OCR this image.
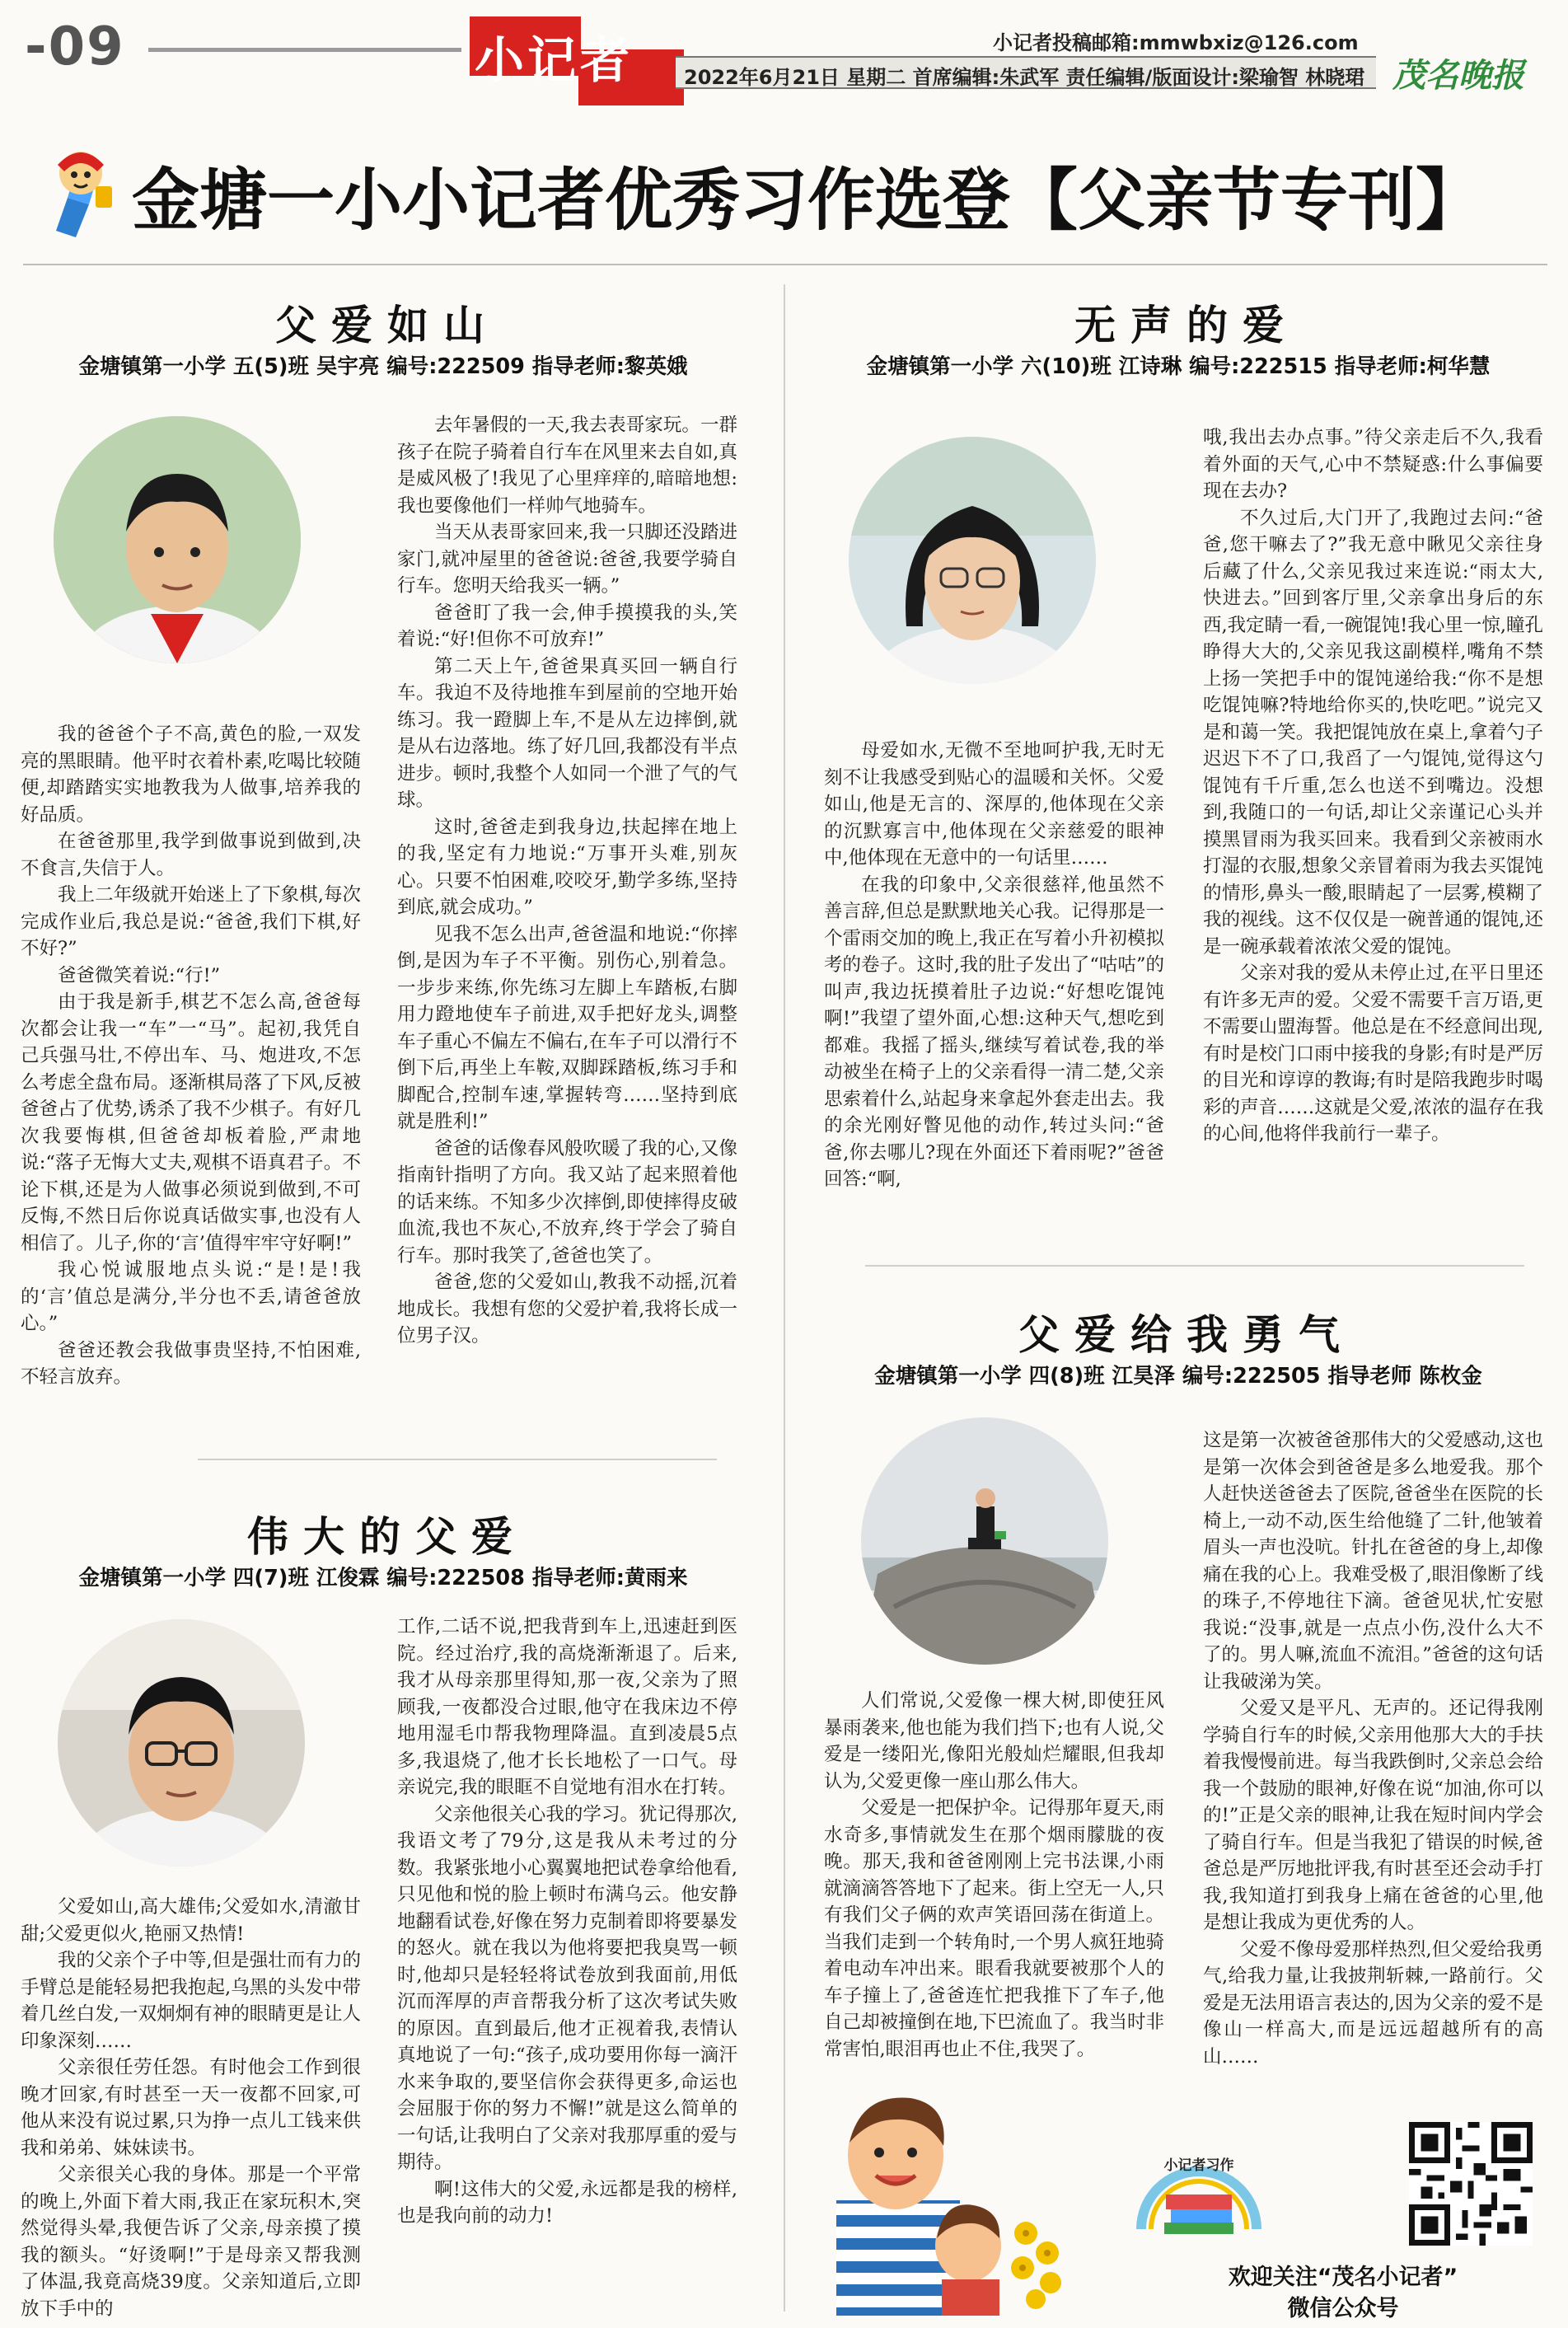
-09	小记者	小记者投稿邮箱:mmwbxiz@126.com
2022年6月21日 星期二 首席编辑:朱武军 责任编辑/版面设计:梁瑜智 林晓珺 茂名晚报
金塘一小小记者优秀习作选登【父亲节专刊】
父爱如山
金塘镇第一小学 五(5)班 吴宇亮 编号:222509 指导老师:黎英娥
我的爸爸个子不高,黄色的脸,一双发亮的黑眼睛。他平时衣着朴素,吃喝比较随便,却踏踏实实地教我为人做事,培养我的好品质。
在爸爸那里,我学到做事说到做到,决不食言,失信于人。
我上二年级就开始迷上了下象棋,每次完成作业后,我总是说:“爸爸,我们下棋,好不好?”
爸爸微笑着说:“行!”
由于我是新手,棋艺不怎么高,爸爸每次都会让我一“车”一“马”。起初,我凭自己兵强马壮,不停出车、马、炮进攻,不怎么考虑全盘布局。逐渐棋局落了下风,反被爸爸占了优势,诱杀了我不少棋子。有好几次我要悔棋,但爸爸却板着脸,严肃地说:“落子无悔大丈夫,观棋不语真君子。不论下棋,还是为人做事必须说到做到,不可反悔,不然日后你说真话做实事,也没有人相信了。儿子,你的‘言’值得牢牢守好啊!”
我心悦诚服地点头说:“是!是!我的‘言’值总是满分,半分也不丢,请爸爸放心。”
爸爸还教会我做事贵坚持,不怕困难,不轻言放弃。
去年暑假的一天,我去表哥家玩。一群孩子在院子骑着自行车在风里来去自如,真是威风极了!我见了心里痒痒的,暗暗地想:我也要像他们一样帅气地骑车。
当天从表哥家回来,我一只脚还没踏进家门,就冲屋里的爸爸说:爸爸,我要学骑自行车。您明天给我买一辆。”
爸爸盯了我一会,伸手摸摸我的头,笑着说:“好!但你不可放弃!”
第二天上午,爸爸果真买回一辆自行车。我迫不及待地推车到屋前的空地开始练习。我一蹬脚上车,不是从左边摔倒,就是从右边落地。练了好几回,我都没有半点进步。顿时,我整个人如同一个泄了气的气球。
这时,爸爸走到我身边,扶起摔在地上的我,坚定有力地说:“万事开头难,别灰心。只要不怕困难,咬咬牙,勤学多练,坚持到底,就会成功。”
见我不怎么出声,爸爸温和地说:“你摔倒,是因为车子不平衡。别伤心,别着急。一步步来练,你先练习左脚上车踏板,右脚用力蹬地使车子前进,双手把好龙头,调整车子重心不偏左不偏右,在车子可以滑行不倒下后,再坐上车鞍,双脚踩踏板,练习手和脚配合,控制车速,掌握转弯……坚持到底就是胜利!”
爸爸的话像春风般吹暖了我的心,又像指南针指明了方向。我又站了起来照着他的话来练。不知多少次摔倒,即使摔得皮破血流,我也不灰心,不放弃,终于学会了骑自行车。那时我笑了,爸爸也笑了。
爸爸,您的父爱如山,教我不动摇,沉着地成长。我想有您的父爱护着,我将长成一位男子汉。
伟大的父爱
金塘镇第一小学 四(7)班 江俊霖 编号:222508 指导老师:黄雨来
父爱如山,高大雄伟;父爱如水,清澈甘甜;父爱更似火,艳丽又热情!
我的父亲个子中等,但是强壮而有力的手臂总是能轻易把我抱起,乌黑的头发中带着几丝白发,一双炯炯有神的眼睛更是让人印象深刻……
父亲很任劳任怨。有时他会工作到很晚才回家,有时甚至一天一夜都不回家,可他从来没有说过累,只为挣一点儿工钱来供我和弟弟、妹妹读书。
父亲很关心我的身体。那是一个平常的晚上,外面下着大雨,我正在家玩积木,突然觉得头晕,我便告诉了父亲,母亲摸了摸我的额头。“好烫啊!”于是母亲又帮我测了体温,我竟高烧39度。父亲知道后,立即放下手中的
工作,二话不说,把我背到车上,迅速赶到医院。经过治疗,我的高烧渐渐退了。后来,我才从母亲那里得知,那一夜,父亲为了照顾我,一夜都没合过眼,他守在我床边不停地用湿毛巾帮我物理降温。直到凌晨5点多,我退烧了,他才长长地松了一口气。母亲说完,我的眼眶不自觉地有泪水在打转。
父亲他很关心我的学习。犹记得那次,我语文考了79分,这是我从未考过的分数。我紧张地小心翼翼地把试卷拿给他看,只见他和悦的脸上顿时布满乌云。他安静地翻看试卷,好像在努力克制着即将要暴发的怒火。就在我以为他将要把我臭骂一顿时,他却只是轻轻将试卷放到我面前,用低沉而浑厚的声音帮我分析了这次考试失败的原因。直到最后,他才正视着我,表情认真地说了一句:“孩子,成功要用你每一滴汗水来争取的,要坚信你会获得更多,命运也会屈服于你的努力不懈!”就是这么简单的一句话,让我明白了父亲对我那厚重的爱与期待。
啊!这伟大的父爱,永远都是我的榜样,也是我向前的动力!
无声的爱
金塘镇第一小学 六(10)班 江诗琳 编号:222515 指导老师:柯华慧
母爱如水,无微不至地呵护我,无时无刻不让我感受到贴心的温暖和关怀。父爱如山,他是无言的、深厚的,他体现在父亲的沉默寡言中,他体现在父亲慈爱的眼神中,他体现在无意中的一句话里……
在我的印象中,父亲很慈祥,他虽然不善言辞,但总是默默地关心我。记得那是一个雷雨交加的晚上,我正在写着小升初模拟考的卷子。这时,我的肚子发出了“咕咕”的叫声,我边抚摸着肚子边说:“好想吃馄饨啊!”我望了望外面,心想:这种天气,想吃到都难。我摇了摇头,继续写着试卷,我的举动被坐在椅子上的父亲看得一清二楚,父亲思索着什么,站起身来拿起外套走出去。我的余光刚好瞥见他的动作,转过头问:“爸爸,你去哪儿?现在外面还下着雨呢?”爸爸回答:“啊,
哦,我出去办点事。”待父亲走后不久,我看着外面的天气,心中不禁疑惑:什么事偏要现在去办?
不久过后,大门开了,我跑过去问:“爸爸,您干嘛去了?”我无意中瞅见父亲往身后藏了什么,父亲见我过来连说:“雨太大,快进去。”回到客厅里,父亲拿出身后的东西,我定睛一看,一碗馄饨!我心里一惊,瞳孔睁得大大的,父亲见我这副模样,嘴角不禁上扬一笑把手中的馄饨递给我:“你不是想吃馄饨嘛?特地给你买的,快吃吧。”说完又是和蔼一笑。我把馄饨放在桌上,拿着勺子迟迟下不了口,我舀了一勺馄饨,觉得这勺馄饨有千斤重,怎么也送不到嘴边。没想到,我随口的一句话,却让父亲谨记心头并摸黑冒雨为我买回来。我看到父亲被雨水打湿的衣服,想象父亲冒着雨为我去买馄饨的情形,鼻头一酸,眼睛起了一层雾,模糊了我的视线。这不仅仅是一碗普通的馄饨,还是一碗承载着浓浓父爱的馄饨。
父亲对我的爱从未停止过,在平日里还有许多无声的爱。父爱不需要千言万语,更不需要山盟海誓。他总是在不经意间出现,有时是校门口雨中接我的身影;有时是严厉的目光和谆谆的教诲;有时是陪我跑步时喝彩的声音……这就是父爱,浓浓的温存在我的心间,他将伴我前行一辈子。
父爱给我勇气
金塘镇第一小学 四(8)班 江昊泽 编号:222505 指导老师 陈枚金
人们常说,父爱像一棵大树,即使狂风暴雨袭来,他也能为我们挡下;也有人说,父爱是一缕阳光,像阳光般灿烂耀眼,但我却认为,父爱更像一座山那么伟大。
父爱是一把保护伞。记得那年夏天,雨水奇多,事情就发生在那个烟雨朦胧的夜晚。那天,我和爸爸刚刚上完书法课,小雨就滴滴答答地下了起来。街上空无一人,只有我们父子俩的欢声笑语回荡在街道上。当我们走到一个转角时,一个男人疯狂地骑着电动车冲出来。眼看我就要被那个人的车子撞上了,爸爸连忙把我推下了车子,他自己却被撞倒在地,下巴流血了。我当时非常害怕,眼泪再也止不住,我哭了。
这是第一次被爸爸那伟大的父爱感动,这也是第一次体会到爸爸是多么地爱我。那个人赶快送爸爸去了医院,爸爸坐在医院的长椅上,一动不动,医生给他缝了二针,他皱着眉头一声也没吭。针扎在爸爸的身上,却像痛在我的心上。我难受极了,眼泪像断了线的珠子,不停地往下滴。爸爸见状,忙安慰我说:“没事,就是一点点小伤,没什么大不了的。男人嘛,流血不流泪。”爸爸的这句话让我破涕为笑。
父爱又是平凡、无声的。还记得我刚学骑自行车的时候,父亲用他那大大的手扶着我慢慢前进。每当我跌倒时,父亲总会给我一个鼓励的眼神,好像在说“加油,你可以的!”正是父亲的眼神,让我在短时间内学会了骑自行车。但是当我犯了错误的时候,爸爸总是严厉地批评我,有时甚至还会动手打我,我知道打到我身上痛在爸爸的心里,他是想让我成为更优秀的人。
父爱不像母爱那样热烈,但父爱给我勇气,给我力量,让我披荆斩棘,一路前行。父爱是无法用语言表达的,因为父亲的爱不是像山一样高大,而是远远超越所有的高山……
小记者习作
欢迎关注“茂名小记者”
微信公众号
